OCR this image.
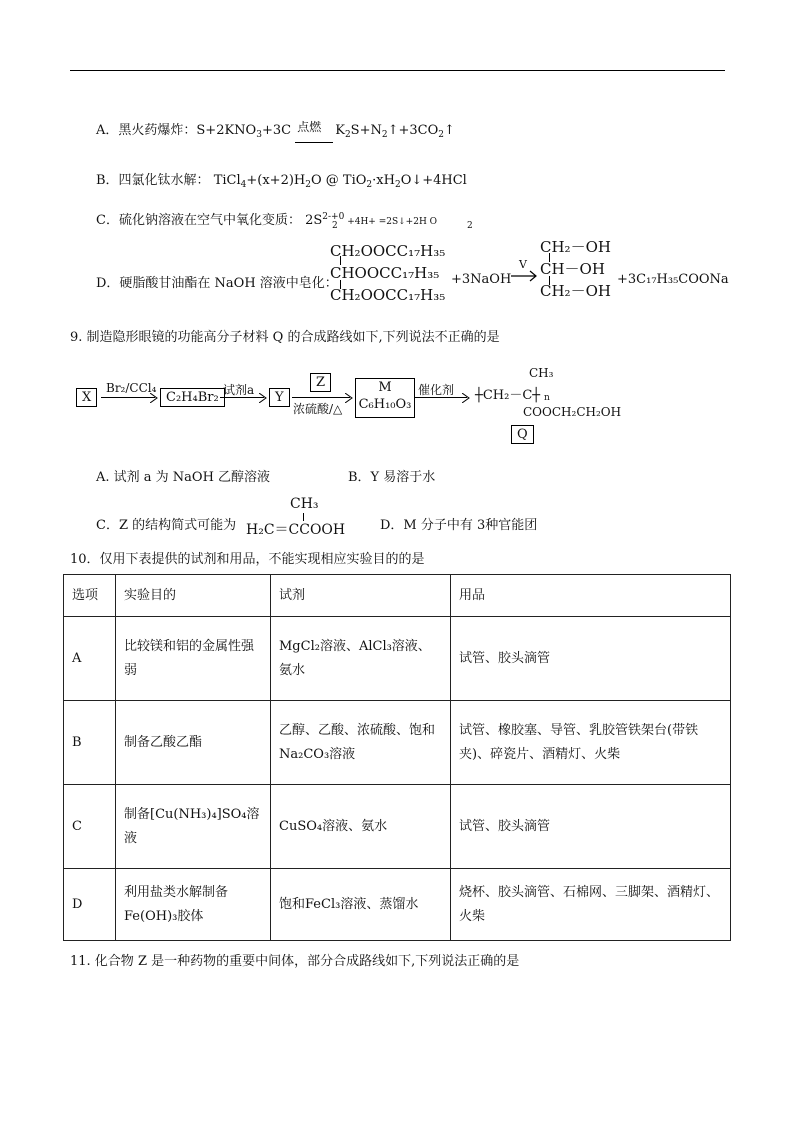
A．黑火药爆炸：$S+2KNO_3+3C$ 点燃 $K_2S+N_2↑+3CO_2↑$
B．四氯化钛水解： $TiCl_4+(x+2)H_2O$ @ $TiO_2\cdot xH_2O↓+4HCl$
C．硫化钠溶液在空气中氧化变质： $2S^{2-+0} +4H+$ =2S↓+2H O
2	2
D．硬脂酸甘油酯在 NaOH 溶液中皂化：
CH₂OOCC₁₇H₃₅
CHOOCC₁₇H₃₅
CH₂OOCC₁₇H₃₅
+3NaOH
V
CH₂－OH
CH－OH
CH₂－OH
+3C₁₇H₃₅COONa
9. 制造隐形眼镜的功能高分子材料 Q 的合成路线如下,下列说法不正确的是
X
Br₂/CCl₄
C₂H₄Br₂ 试剂a	Y
Z
浓硫酸/△
M
C₆H₁₀O₃
催化剂
CH₃
┼CH₂－C┼ n
COOCH₂CH₂OH
Q
A. 试剂 a 为 NaOH 乙醇溶液	B．Y 易溶于水
C．Z 的结构简式可能为
CH₃
H₂C＝CCOOH	D．M 分子中有 3种官能团
10．仅用下表提供的试剂和用品，不能实现相应实验目的的是
选项	实验目的	试剂	用品
A	比较镁和铝的金属性强弱	MgCl₂溶液、AlCl₃溶液、氨水	试管、胶头滴管
B	制备乙酸乙酯	乙醇、乙酸、浓硫酸、饱和Na₂CO₃溶液	试管、橡胶塞、导管、乳胶管铁架台(带铁夹)、碎瓷片、酒精灯、火柴
C	制备[Cu(NH₃)₄]SO₄溶液	CuSO₄溶液、氨水	试管、胶头滴管
D	利用盐类水解制备Fe(OH)₃胶体	饱和FeCl₃溶液、蒸馏水	烧杯、胶头滴管、石棉网、三脚架、酒精灯、火柴
11. 化合物 Z 是一种药物的重要中间体，部分合成路线如下,下列说法正确的是
